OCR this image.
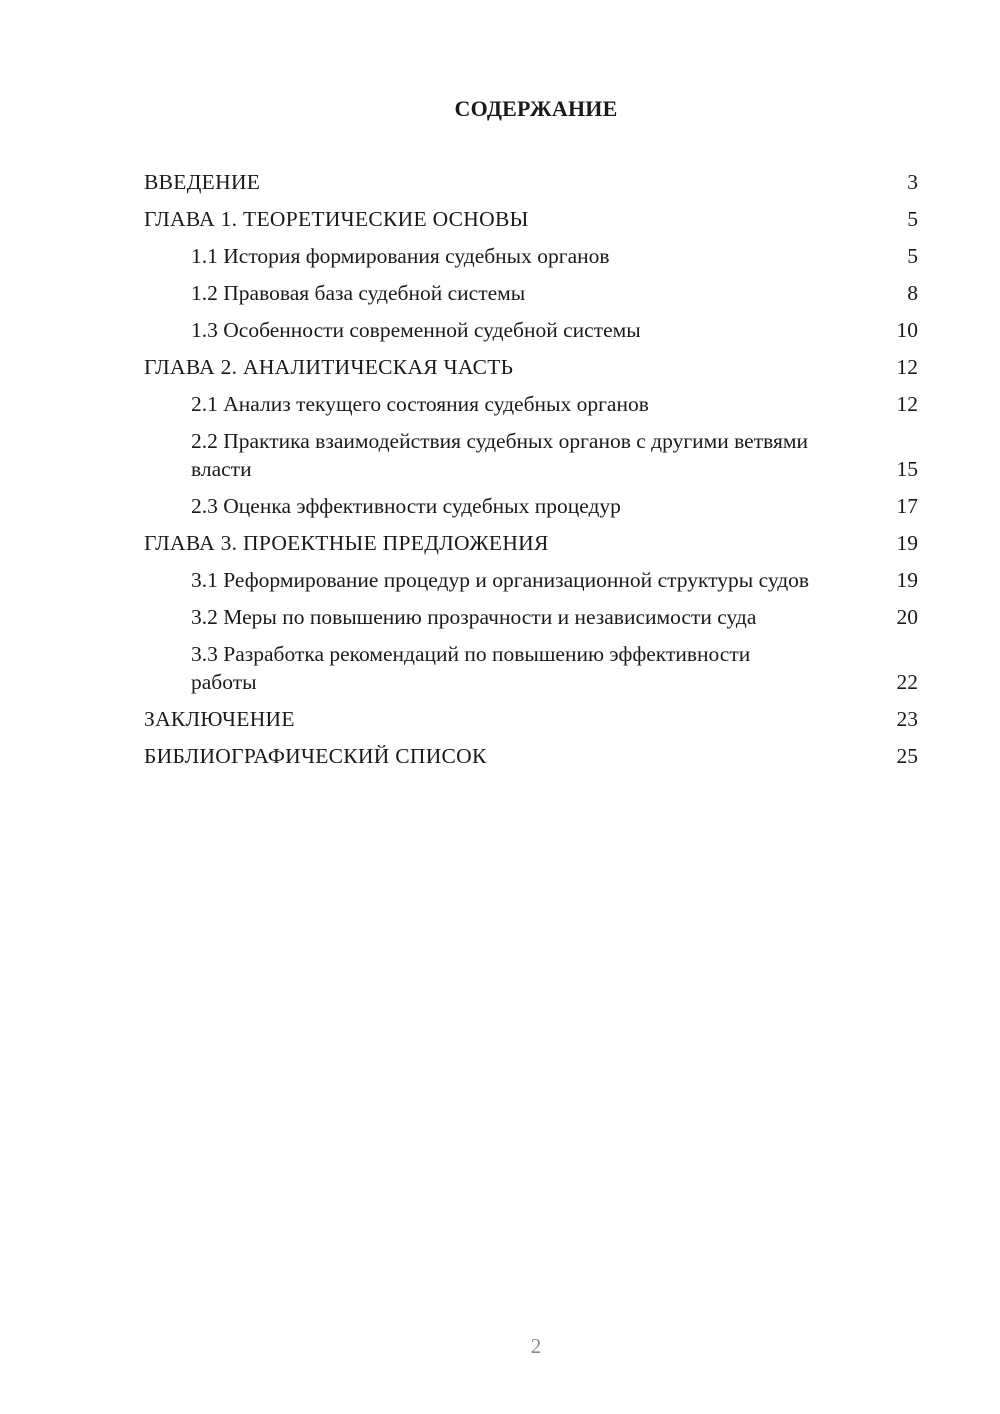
СОДЕРЖАНИЕ
ВВЕДЕНИЕ	3
ГЛАВА 1. ТЕОРЕТИЧЕСКИЕ ОСНОВЫ	5
1.1 История формирования судебных органов	5
1.2 Правовая база судебной системы	8
1.3 Особенности современной судебной системы	10
ГЛАВА 2. АНАЛИТИЧЕСКАЯ ЧАСТЬ	12
2.1 Анализ текущего состояния судебных органов	12
2.2 Практика взаимодействия судебных органов с другими ветвями власти	15
2.3 Оценка эффективности судебных процедур	17
ГЛАВА 3. ПРОЕКТНЫЕ ПРЕДЛОЖЕНИЯ	19
3.1 Реформирование процедур и организационной структуры судов	19
3.2 Меры по повышению прозрачности и независимости суда	20
3.3 Разработка рекомендаций по повышению эффективности работы	22
ЗАКЛЮЧЕНИЕ	23
БИБЛИОГРАФИЧЕСКИЙ СПИСОК	25
2
